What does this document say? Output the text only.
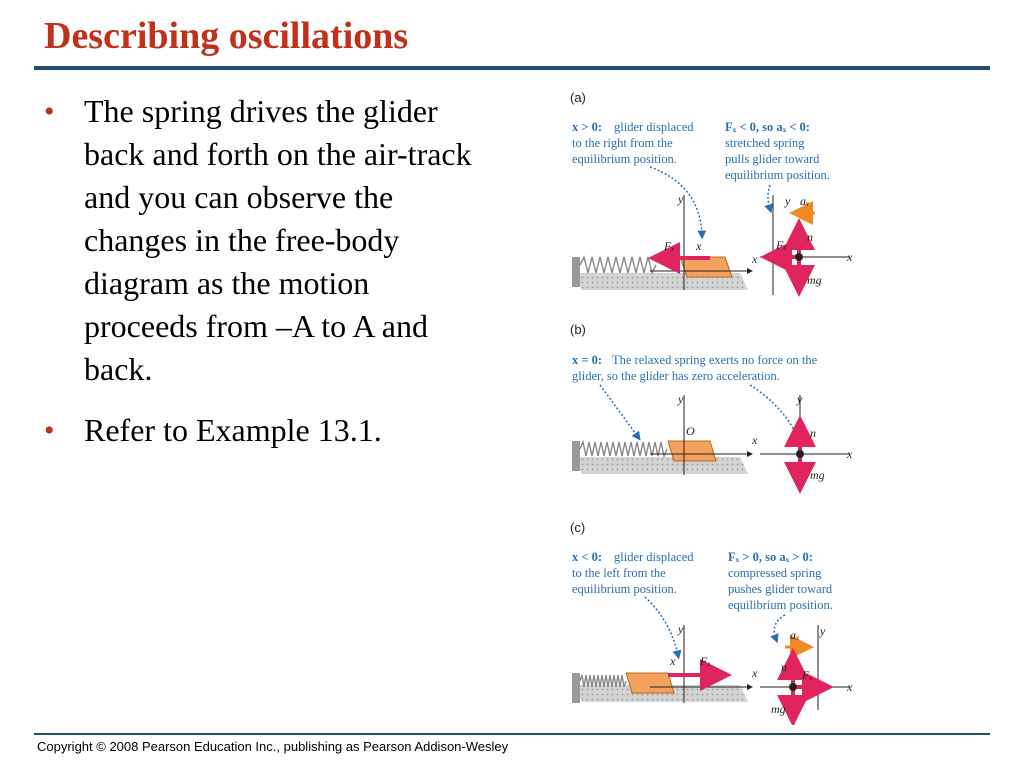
Describing oscillations
• The spring drives the glider back and forth on the air-track and you can observe the changes in the free-body diagram as the motion proceeds from –A to A and back.
• Refer to Example 13.1.
(a)
x > 0: glider displaced
to the right from the
equilibrium position.
Fₓ < 0, so aₓ < 0:
stretched spring
pulls glider toward
equilibrium position.
y
x
Fₓ x
y
x
aₓ
n
mg
Fₓ
(b)
x = 0: The relaxed spring exerts no force on the
glider, so the glider has zero acceleration.
y
O
x
y
x
n
mg
(c)
x < 0: glider displaced
to the left from the
equilibrium position.
Fₓ > 0, so aₓ > 0:
compressed spring
pushes glider toward
equilibrium position.
y
x
Fₓ
x
y
x
aₓ
n
mg
Fₓ
Copyright © 2008 Pearson Education Inc., publishing as Pearson Addison-Wesley
